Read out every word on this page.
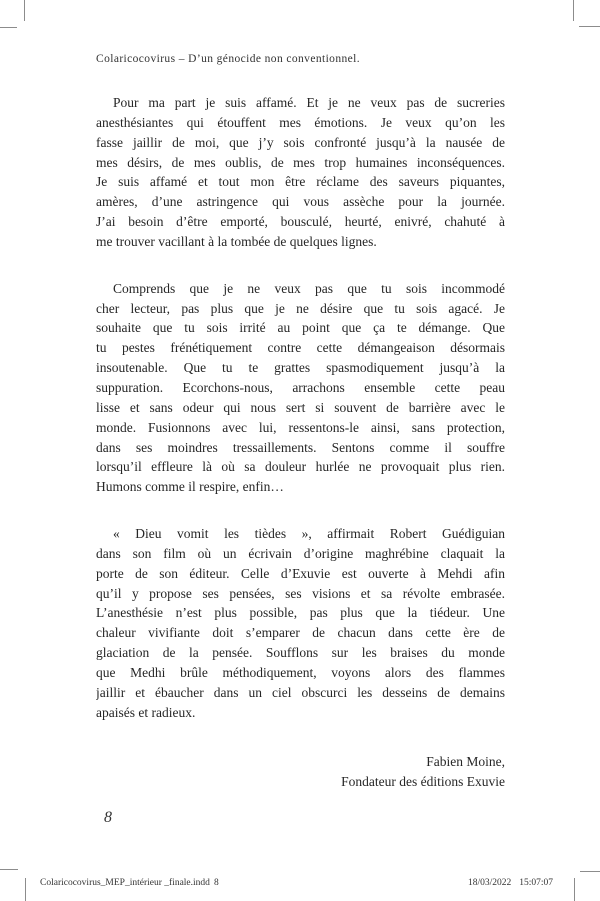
Colaricocovirus – D’un génocide non conventionnel.
Pour ma part je suis affamé. Et je ne veux pas de sucreries
anesthésiantes qui étouffent mes émotions. Je veux qu’on les
fasse jaillir de moi, que j’y sois confronté jusqu’à la nausée de
mes désirs, de mes oublis, de mes trop humaines inconséquences.
Je suis affamé et tout mon être réclame des saveurs piquantes,
amères, d’une astringence qui vous assèche pour la journée.
J’ai besoin d’être emporté, bousculé, heurté, enivré, chahuté à
me trouver vacillant à la tombée de quelques lignes.
Comprends que je ne veux pas que tu sois incommodé
cher lecteur, pas plus que je ne désire que tu sois agacé. Je
souhaite que tu sois irrité au point que ça te démange. Que
tu pestes frénétiquement contre cette démangeaison désormais
insoutenable. Que tu te grattes spasmodiquement jusqu’à la
suppuration. Ecorchons-nous, arrachons ensemble cette peau
lisse et sans odeur qui nous sert si souvent de barrière avec le
monde. Fusionnons avec lui, ressentons-le ainsi, sans protection,
dans ses moindres tressaillements. Sentons comme il souffre
lorsqu’il effleure là où sa douleur hurlée ne provoquait plus rien.
Humons comme il respire, enfin…
« Dieu vomit les tièdes », affirmait Robert Guédiguian
dans son film où un écrivain d’origine maghrébine claquait la
porte de son éditeur. Celle d’Exuvie est ouverte à Mehdi afin
qu’il y propose ses pensées, ses visions et sa révolte embrasée.
L’anesthésie n’est plus possible, pas plus que la tiédeur. Une
chaleur vivifiante doit s’emparer de chacun dans cette ère de
glaciation de la pensée. Soufflons sur les braises du monde
que Medhi brûle méthodiquement, voyons alors des flammes
jaillir et ébaucher dans un ciel obscurci les desseins de demains
apaisés et radieux.
Fabien Moine,
Fondateur des éditions Exuvie
8
Colaricocovirus_MEP_intérieur _finale.indd 8	18/03/2022 15:07:07
